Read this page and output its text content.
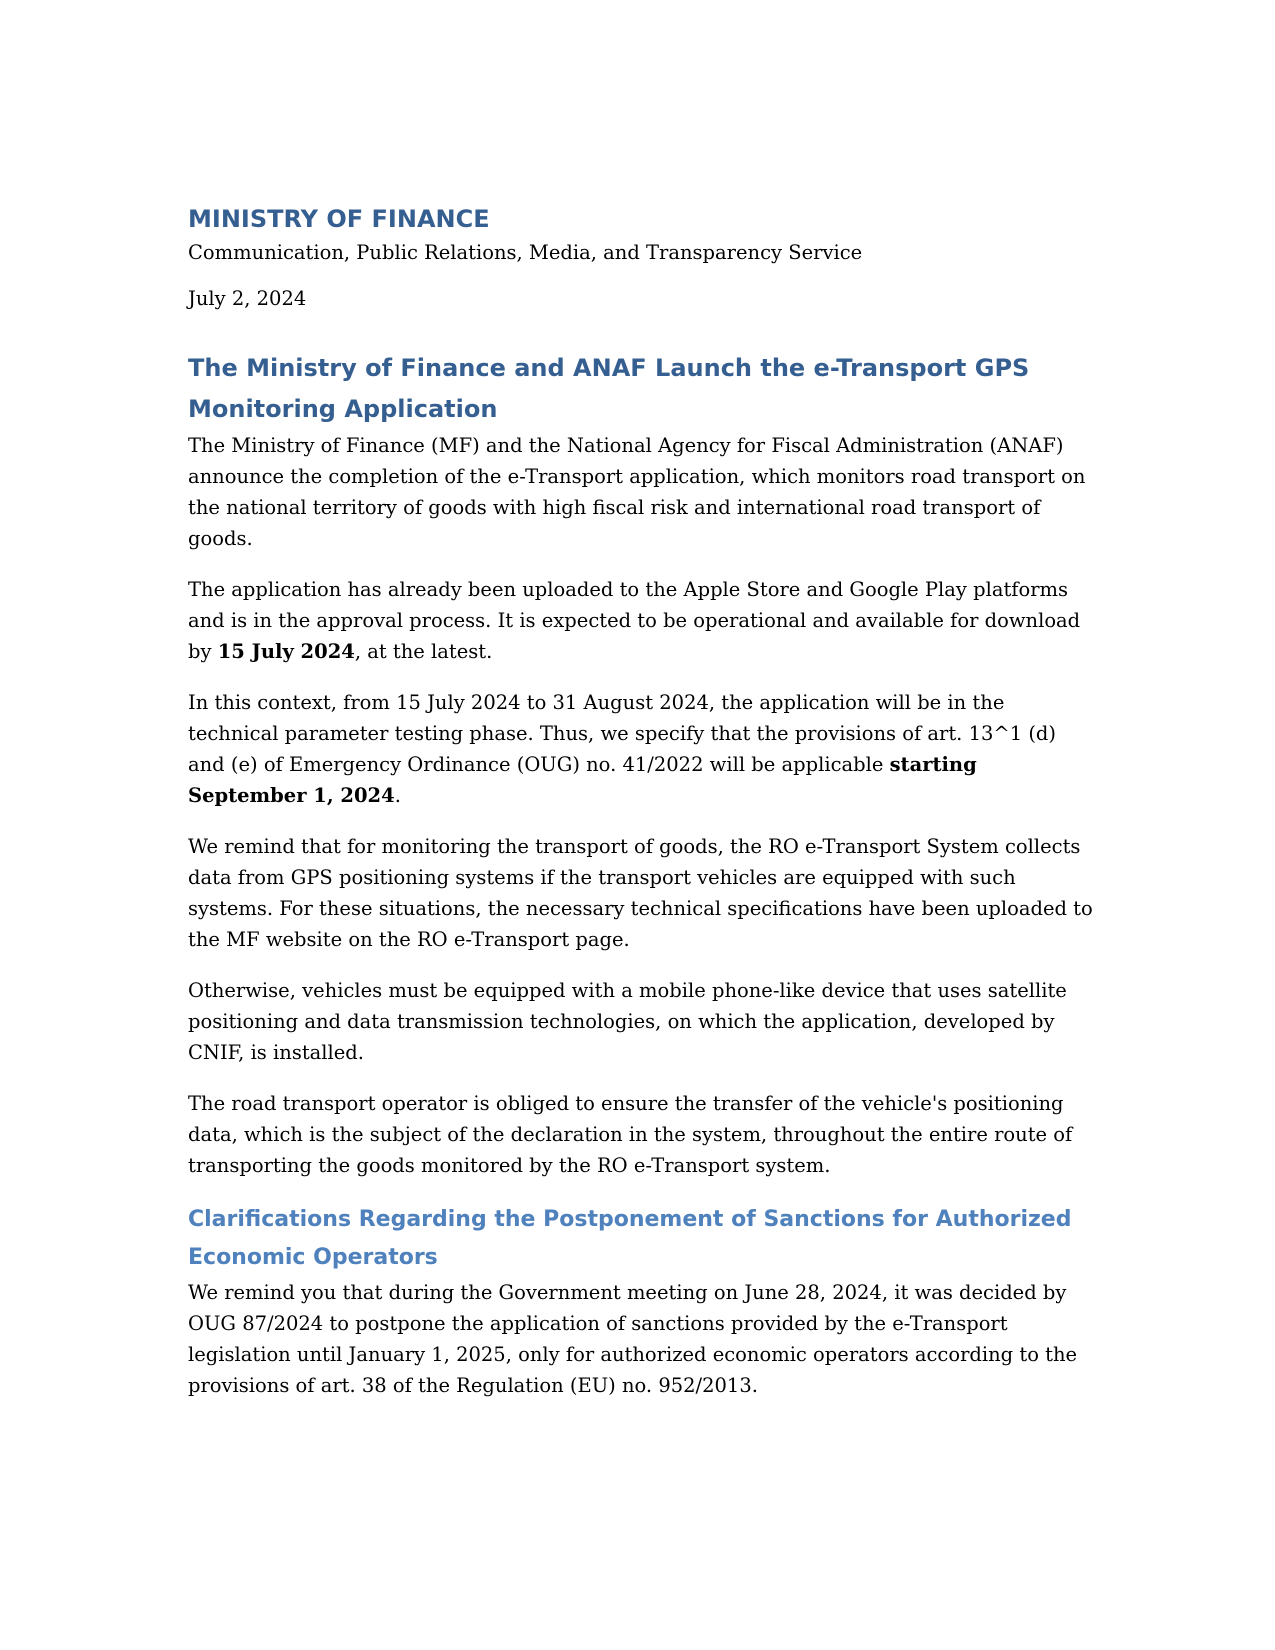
MINISTRY OF FINANCE
Communication, Public Relations, Media, and Transparency Service
July 2, 2024
The Ministry of Finance and ANAF Launch the e-Transport GPS Monitoring Application

The Ministry of Finance (MF) and the National Agency for Fiscal Administration (ANAF) announce the completion of the e-Transport application, which monitors road transport on the national territory of goods with high fiscal risk and international road transport of goods.

The application has already been uploaded to the Apple Store and Google Play platforms and is in the approval process. It is expected to be operational and available for download by 15 July 2024, at the latest.

In this context, from 15 July 2024 to 31 August 2024, the application will be in the technical parameter testing phase. Thus, we specify that the provisions of art. 13^1 (d) and (e) of Emergency Ordinance (OUG) no. 41/2022 will be applicable starting September 1, 2024.

We remind that for monitoring the transport of goods, the RO e-Transport System collects data from GPS positioning systems if the transport vehicles are equipped with such systems. For these situations, the necessary technical specifications have been uploaded to the MF website on the RO e-Transport page.

Otherwise, vehicles must be equipped with a mobile phone-like device that uses satellite positioning and data transmission technologies, on which the application, developed by CNIF, is installed.

The road transport operator is obliged to ensure the transfer of the vehicle's positioning data, which is the subject of the declaration in the system, throughout the entire route of transporting the goods monitored by the RO e-Transport system.

Clarifications Regarding the Postponement of Sanctions for Authorized Economic Operators

We remind you that during the Government meeting on June 28, 2024, it was decided by OUG 87/2024 to postpone the application of sanctions provided by the e-Transport legislation until January 1, 2025, only for authorized economic operators according to the provisions of art. 38 of the Regulation (EU) no. 952/2013.
